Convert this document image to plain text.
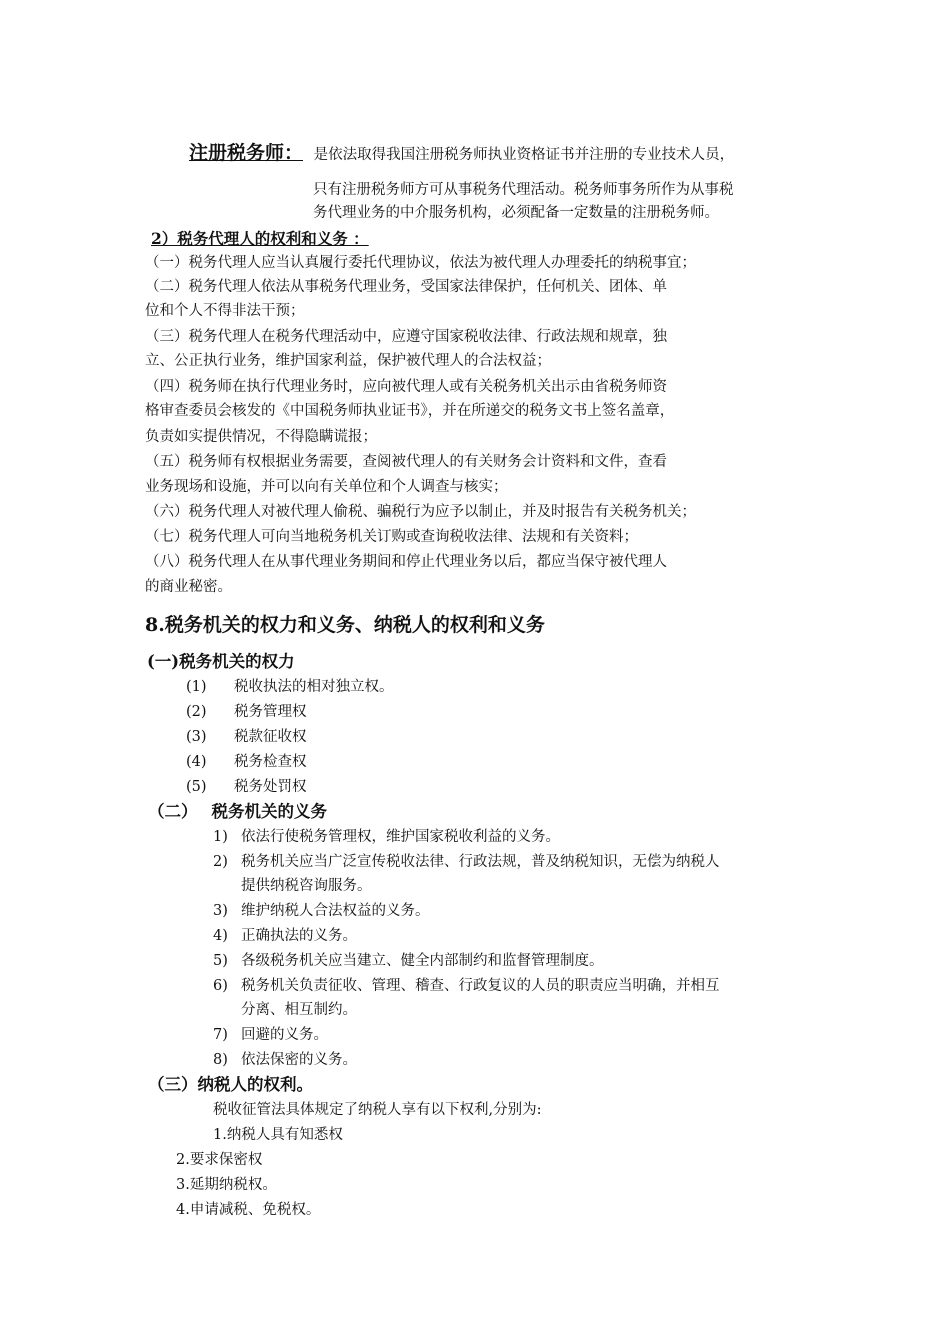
注册税务师： 是依法取得我国注册税务师执业资格证书并注册的专业技术人员，
只有注册税务师方可从事税务代理活动。税务师事务所作为从事税
务代理业务的中介服务机构，必须配备一定数量的注册税务师。
2）税务代理人的权利和义务 ：
（一）税务代理人应当认真履行委托代理协议，依法为被代理人办理委托的纳税事宜；
（二）税务代理人依法从事税务代理业务，受国家法律保护，任何机关、团体、单
位和个人不得非法干预；
（三）税务代理人在税务代理活动中，应遵守国家税收法律、行政法规和规章，独
立、公正执行业务，维护国家利益，保护被代理人的合法权益；
（四）税务师在执行代理业务时，应向被代理人或有关税务机关出示由省税务师资
格审查委员会核发的《中国税务师执业证书》，并在所递交的税务文书上签名盖章，
负责如实提供情况，不得隐瞒谎报；
（五）税务师有权根据业务需要，查阅被代理人的有关财务会计资料和文件，查看
业务现场和设施，并可以向有关单位和个人调查与核实；
（六）税务代理人对被代理人偷税、骗税行为应予以制止，并及时报告有关税务机关；
（七）税务代理人可向当地税务机关订购或查询税收法律、法规和有关资料；
（八）税务代理人在从事代理业务期间和停止代理业务以后，都应当保守被代理人
的商业秘密。
8.税务机关的权力和义务、纳税人的权利和义务
(一)税务机关的权力
(1) 税收执法的相对独立权。
(2) 税务管理权
(3) 税款征收权
(4) 税务检查权
(5) 税务处罚权
（二） 税务机关的义务
1) 依法行使税务管理权，维护国家税收利益的义务。
2) 税务机关应当广泛宣传税收法律、行政法规，普及纳税知识，无偿为纳税人
提供纳税咨询服务。
3) 维护纳税人合法权益的义务。
4) 正确执法的义务。
5) 各级税务机关应当建立、健全内部制约和监督管理制度。
6) 税务机关负责征收、管理、稽查、行政复议的人员的职责应当明确，并相互
分离、相互制约。
7) 回避的义务。
8) 依法保密的义务。
（三）纳税人的权利。
税收征管法具体规定了纳税人享有以下权利,分别为:
1.纳税人具有知悉权
2.要求保密权
3.延期纳税权。
4.申请减税、免税权。
